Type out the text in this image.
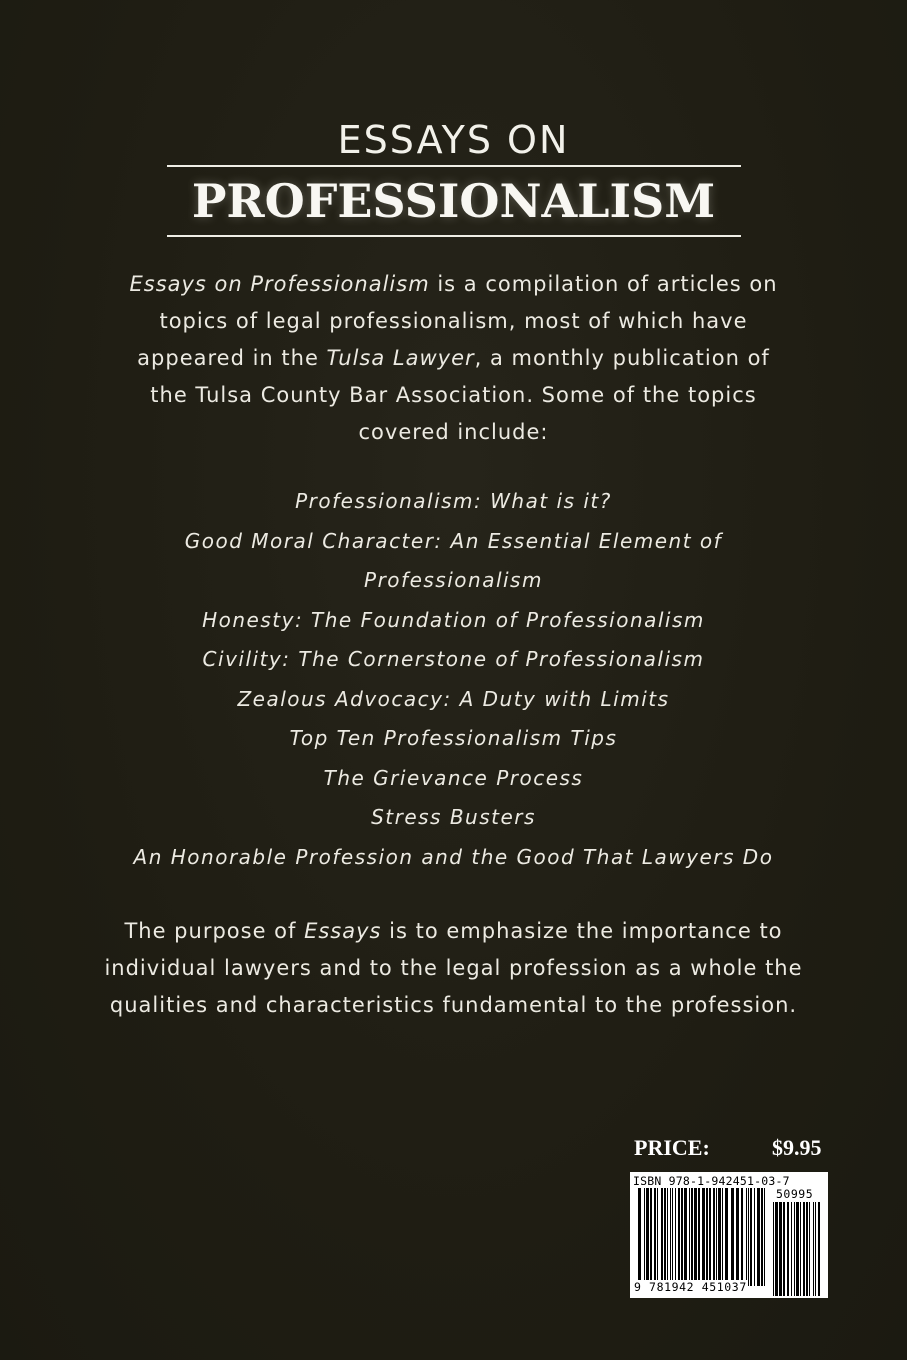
ESSAYS ON
PROFESSIONALISM
Essays on Professionalism is a compilation of articles on topics of legal professionalism, most of which have appeared in the Tulsa Lawyer, a monthly publication of the Tulsa County Bar Association. Some of the topics covered include:
Professionalism: What is it?
Good Moral Character: An Essential Element of
Professionalism
Honesty: The Foundation of Professionalism
Civility: The Cornerstone of Professionalism
Zealous Advocacy: A Duty with Limits
Top Ten Professionalism Tips
The Grievance Process
Stress Busters
An Honorable Profession and the Good That Lawyers Do
The purpose of Essays is to emphasize the importance to individual lawyers and to the legal profession as a whole the qualities and characteristics fundamental to the profession.
PRICE:	$9.95
ISBN 978-1-942451-03-7
50995
9 781942 451037
